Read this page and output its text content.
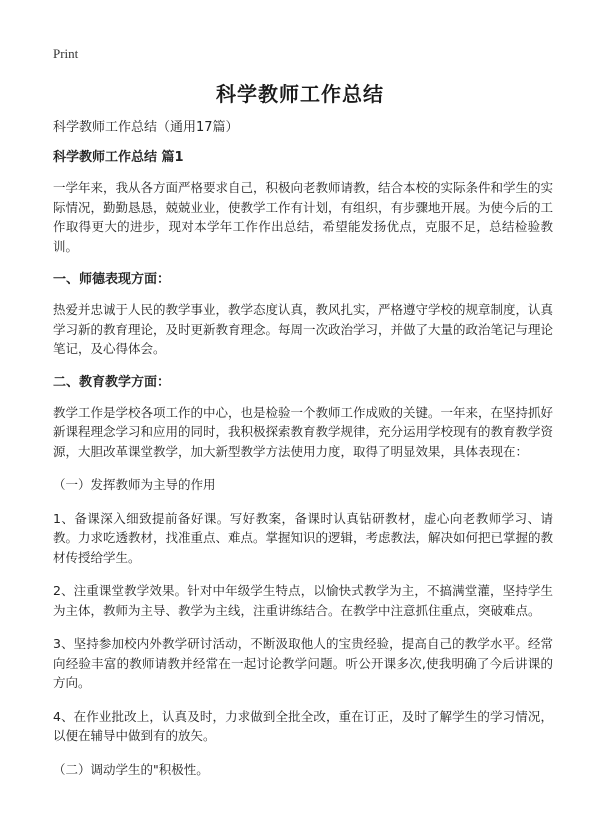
Print
科学教师工作总结

科学教师工作总结（通用17篇）

科学教师工作总结 篇1

一学年来，我从各方面严格要求自己，积极向老教师请教，结合本校的实际条件和学生的实际情况，勤勤恳恳，兢兢业业，使教学工作有计划，有组织，有步骤地开展。为使今后的工作取得更大的进步，现对本学年工作作出总结，希望能发扬优点，克服不足，总结检验教训。

一、师德表现方面：

热爱并忠诚于人民的教学事业，教学态度认真，教风扎实，严格遵守学校的规章制度，认真学习新的教育理论，及时更新教育理念。每周一次政治学习，并做了大量的政治笔记与理论笔记，及心得体会。

二、教育教学方面：

教学工作是学校各项工作的中心，也是检验一个教师工作成败的关键。一年来，在坚持抓好新课程理念学习和应用的同时，我积极探索教育教学规律，充分运用学校现有的教育教学资源，大胆改革课堂教学，加大新型教学方法使用力度，取得了明显效果，具体表现在：

（一）发挥教师为主导的作用

1、备课深入细致提前备好课。写好教案，备课时认真钻研教材，虚心向老教师学习、请教。力求吃透教材，找准重点、难点。掌握知识的逻辑，考虑教法，解决如何把已掌握的教材传授给学生。

2、注重课堂教学效果。针对中年级学生特点，以愉快式教学为主，不搞满堂灌，坚持学生为主体，教师为主导、教学为主线，注重讲练结合。在教学中注意抓住重点，突破难点。

3、坚持参加校内外教学研讨活动，不断汲取他人的宝贵经验，提高自己的教学水平。经常向经验丰富的教师请教并经常在一起讨论教学问题。听公开课多次,使我明确了今后讲课的方向。

4、在作业批改上，认真及时，力求做到全批全改，重在订正，及时了解学生的学习情况，以便在辅导中做到有的放矢。

（二）调动学生的"积极性。
